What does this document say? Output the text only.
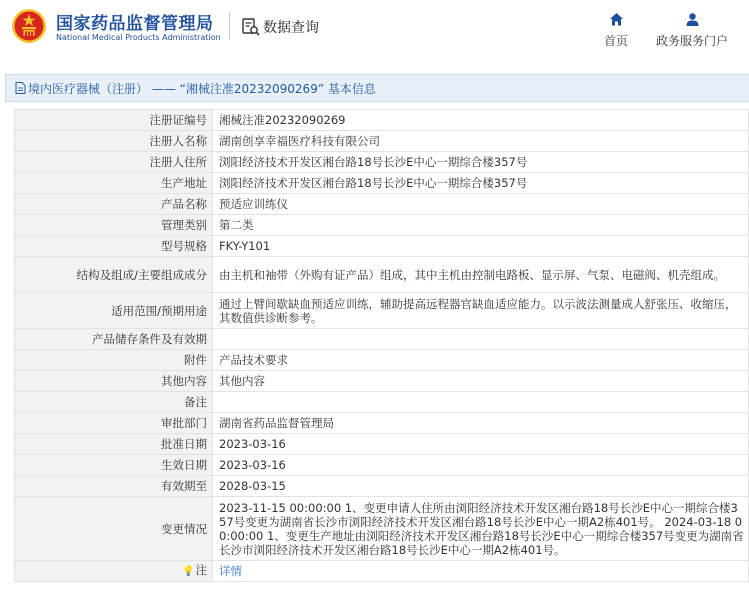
国家药品监督管理局
National Medical Products Administration
数据查询
首页 政务服务门户
境内医疗器械（注册） —— “湘械注准20232090269” 基本信息
注册证编号	湘械注准20232090269
注册人名称	湖南创享幸福医疗科技有限公司
注册人住所	浏阳经济技术开发区湘台路18号长沙E中心一期综合楼357号
生产地址	浏阳经济技术开发区湘台路18号长沙E中心一期综合楼357号
产品名称	预适应训练仪
管理类别	第二类
型号规格	FKY-Y101
结构及组成/主要组成成分	由主机和袖带（外购有证产品）组成，其中主机由控制电路板、显示屏、气泵、电磁阀、机壳组成。
适用范围/预期用途	通过上臂间歇缺血预适应训练，辅助提高远程器官缺血适应能力。以示波法测量成人舒张压、收缩压，其数值供诊断参考。
产品储存条件及有效期	
附件	产品技术要求
其他内容	其他内容
备注	
审批部门	湖南省药品监督管理局
批准日期	2023-03-16
生效日期	2023-03-16
有效期至	2028-03-15
变更情况	2023-11-15 00:00:00 1、变更申请人住所由浏阳经济技术开发区湘台路18号长沙E中心一期综合楼357号变更为湖南省长沙市浏阳经济技术开发区湘台路18号长沙E中心一期A2栋401号。 2024-03-18 00:00:00 1、变更生产地址由浏阳经济技术开发区湘台路18号长沙E中心一期综合楼357号变更为湖南省长沙市浏阳经济技术开发区湘台路18号长沙E中心一期A2栋401号。
💡注	详情
